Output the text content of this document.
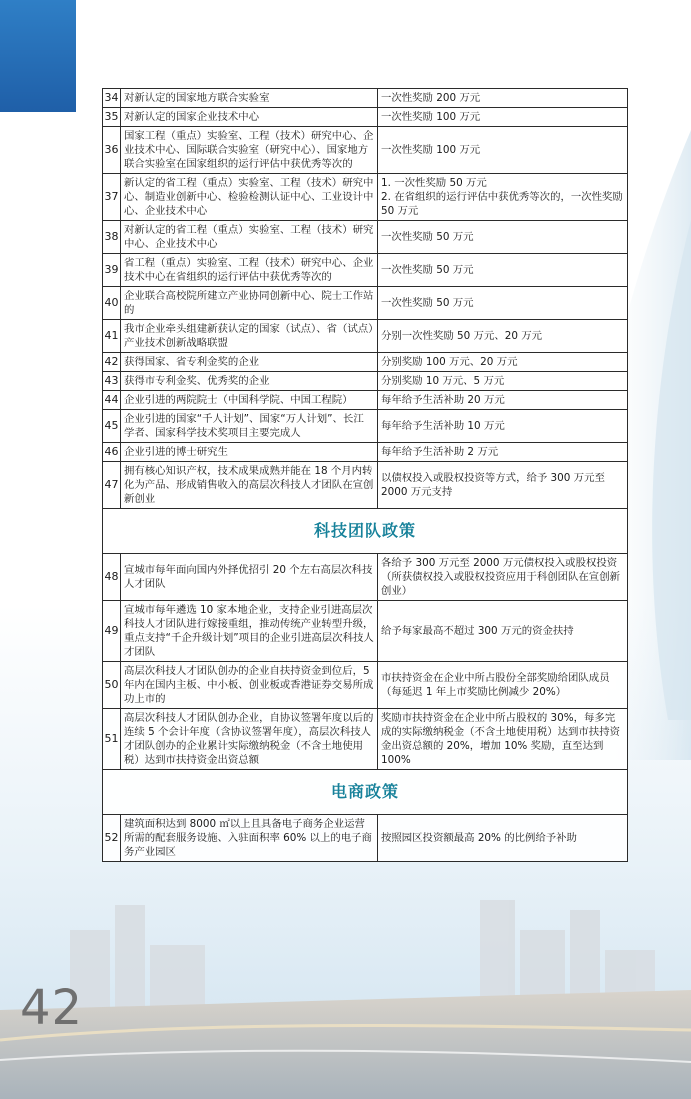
34	对新认定的国家地方联合实验室	一次性奖励 200 万元
35	对新认定的国家企业技术中心	一次性奖励 100 万元
36	国家工程（重点）实验室、工程（技术）研究中心、企业技术中心、国际联合实验室（研究中心）、国家地方联合实验室在国家组织的运行评估中获优秀等次的	一次性奖励 100 万元
37	新认定的省工程（重点）实验室、工程（技术）研究中心、制造业创新中心、检验检测认证中心、工业设计中心、企业技术中心	1. 一次性奖励 50 万元
2. 在省组织的运行评估中获优秀等次的，一次性奖励 50 万元

38	对新认定的省工程（重点）实验室、工程（技术）研究中心、企业技术中心	一次性奖励 50 万元
39	省工程（重点）实验室、工程（技术）研究中心、企业技术中心在省组织的运行评估中获优秀等次的	一次性奖励 50 万元
40	企业联合高校院所建立产业协同创新中心、院士工作站的	一次性奖励 50 万元
41	我市企业牵头组建新获认定的国家（试点）、省（试点）产业技术创新战略联盟	分别一次性奖励 50 万元、20 万元
42	获得国家、省专利金奖的企业	分别奖励 100 万元、20 万元
43	获得市专利金奖、优秀奖的企业	分别奖励 10 万元、5 万元
44	企业引进的两院院士（中国科学院、中国工程院）	每年给予生活补助 20 万元
45	企业引进的国家“千人计划”、国家“万人计划”、长江学者、国家科学技术奖项目主要完成人	每年给予生活补助 10 万元
46	企业引进的博士研究生	每年给予生活补助 2 万元
47	拥有核心知识产权，技术成果成熟并能在 18 个月内转化为产品、形成销售收入的高层次科技人才团队在宣创新创业	以债权投入或股权投资等方式，给予 300 万元至 2000 万元支持
科技团队政策		
48	宣城市每年面向国内外择优招引 20 个左右高层次科技人才团队	各给予 300 万元至 2000 万元债权投入或股权投资（所获债权投入或股权投资应用于科创团队在宣创新创业）
49	宣城市每年遴选 10 家本地企业，支持企业引进高层次科技人才团队进行嫁接重组，推动传统产业转型升级，重点支持“千企升级计划”项目的企业引进高层次科技人才团队	给予每家最高不超过 300 万元的资金扶持
50	高层次科技人才团队创办的企业自扶持资金到位后，5 年内在国内主板、中小板、创业板或香港证券交易所成功上市的	市扶持资金在企业中所占股份全部奖励给团队成员（每延迟 1 年上市奖励比例减少 20%）
51	高层次科技人才团队创办企业，自协议签署年度以后的连续 5 个会计年度（含协议签署年度），高层次科技人才团队创办的企业累计实际缴纳税金（不含土地使用税）达到市扶持资金出资总额	奖励市扶持资金在企业中所占股权的 30%，每多完成的实际缴纳税金（不含土地使用税）达到市扶持资金出资总额的 20%，增加 10% 奖励，直至达到 100%
电商政策		
52	建筑面积达到 8000 ㎡以上且具备电子商务企业运营所需的配套服务设施、入驻面积率 60% 以上的电子商务产业园区	按照园区投资额最高 20% 的比例给予补助
42
